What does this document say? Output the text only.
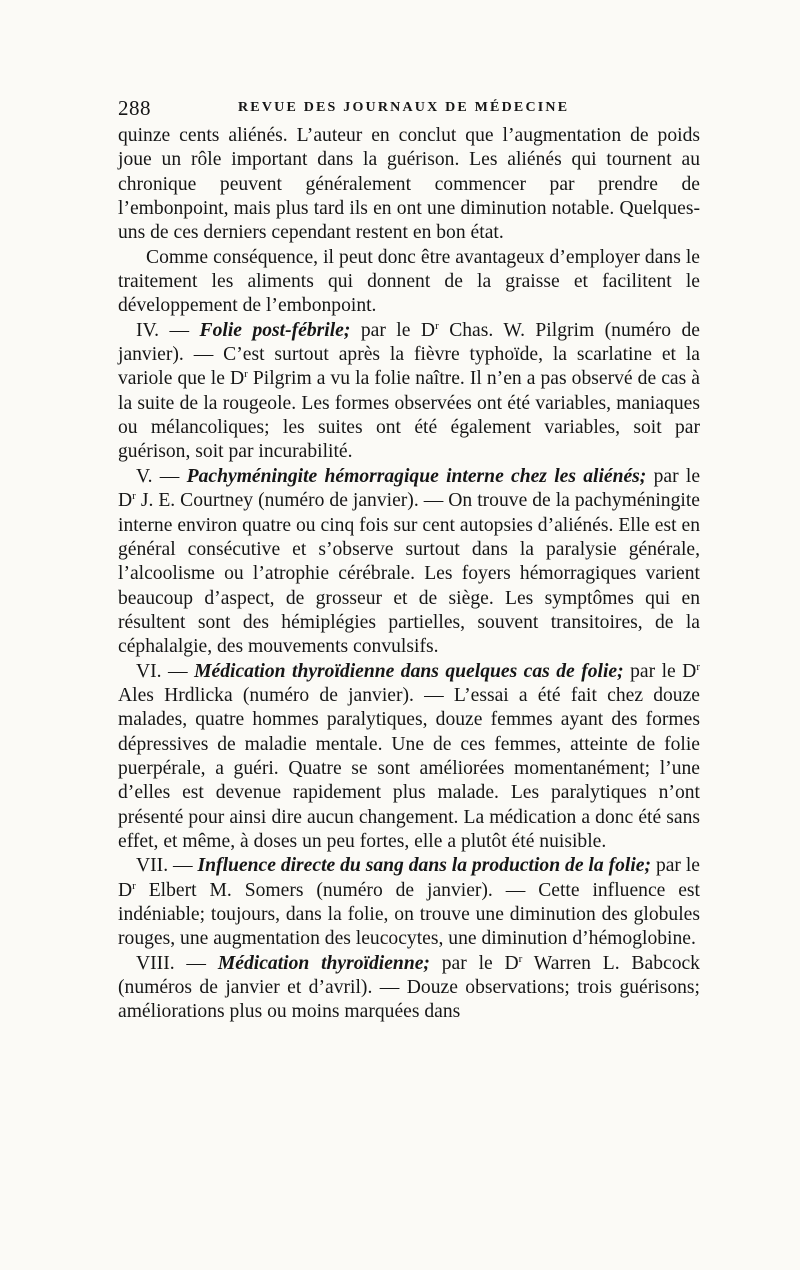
288	REVUE DES JOURNAUX DE MÉDECINE

quinze cents aliénés. L’auteur en conclut que l’augmentation de poids joue un rôle important dans la guérison. Les aliénés qui tournent au chronique peuvent généralement commencer par prendre de l’embonpoint, mais plus tard ils en ont une diminution notable. Quelques-uns de ces derniers cependant restent en bon état.

Comme conséquence, il peut donc être avantageux d’employer dans le traitement les aliments qui donnent de la graisse et facilitent le développement de l’embonpoint.

IV. — Folie post-fébrile; par le $D^r$ Chas. W. Pilgrim (numéro de janvier). — C’est surtout après la fièvre typhoïde, la scarlatine et la variole que le $D^r$ Pilgrim a vu la folie naître. Il n’en a pas observé de cas à la suite de la rougeole. Les formes observées ont été variables, maniaques ou mélancoliques; les suites ont été également variables, soit par guérison, soit par incurabilité.

V. — Pachyméningite hémorragique interne chez les aliénés; par le $D^r$ J. E. Courtney (numéro de janvier). — On trouve de la pachyméningite interne environ quatre ou cinq fois sur cent autopsies d’aliénés. Elle est en général consécutive et s’observe surtout dans la paralysie générale, l’alcoolisme ou l’atrophie cérébrale. Les foyers hémorragiques varient beaucoup d’aspect, de grosseur et de siège. Les symptômes qui en résultent sont des hémiplégies partielles, souvent transitoires, de la céphalalgie, des mouvements convulsifs.

VI. — Médication thyroïdienne dans quelques cas de folie; par le $D^r$ Ales Hrdlicka (numéro de janvier). — L’essai a été fait chez douze malades, quatre hommes paralytiques, douze femmes ayant des formes dépressives de maladie mentale. Une de ces femmes, atteinte de folie puerpérale, a guéri. Quatre se sont améliorées momentanément; l’une d’elles est devenue rapidement plus malade. Les paralytiques n’ont présenté pour ainsi dire aucun changement. La médication a donc été sans effet, et même, à doses un peu fortes, elle a plutôt été nuisible.

VII. — Influence directe du sang dans la production de la folie; par le $D^r$ Elbert M. Somers (numéro de janvier). — Cette influence est indéniable; toujours, dans la folie, on trouve une diminution des globules rouges, une augmentation des leucocytes, une diminution d’hémoglobine.

VIII. — Médication thyroïdienne; par le $D^r$ Warren L. Babcock (numéros de janvier et d’avril). — Douze observations; trois guérisons; améliorations plus ou moins marquées dans
